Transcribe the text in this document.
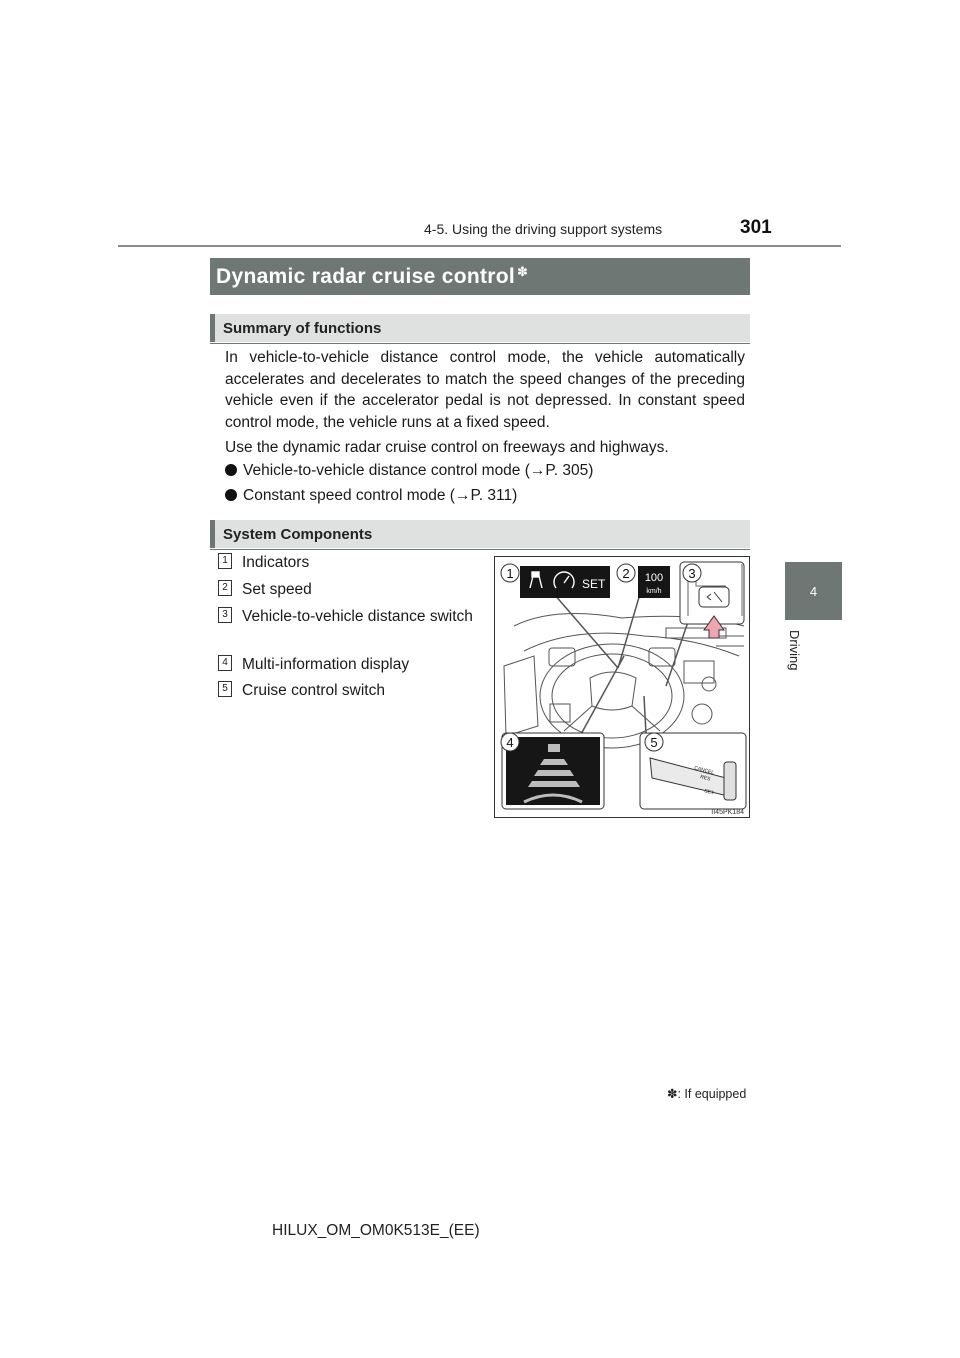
4-5. Using the driving support systems	301
4
Driving
Dynamic radar cruise control ✽
Summary of functions
In vehicle-to-vehicle distance control mode, the vehicle automatically accelerates and decelerates to match the speed changes of the preceding vehicle even if the accelerator pedal is not depressed. In constant speed control mode, the vehicle runs at a fixed speed.
Use the dynamic radar cruise control on freeways and highways.
Vehicle-to-vehicle distance control mode (→P. 305)
Constant speed control mode (→P. 311)
System Components
1 Indicators
2 Set speed
3 Vehicle-to-vehicle distance switch
4 Multi-information display
5 Cruise control switch
SET	100
km/h
CANCEL
RES
SET
1	2	3
4	5
II45PK184
✽: If equipped
HILUX_OM_OM0K513E_(EE)
